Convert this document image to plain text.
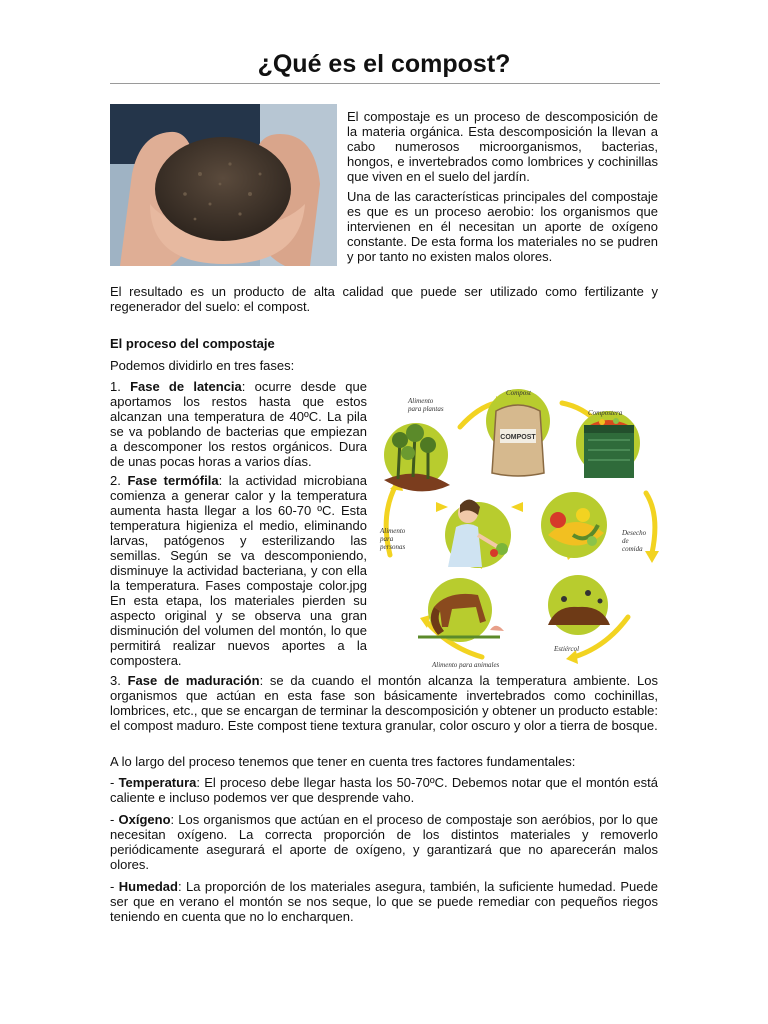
¿Qué es el compost?

El compostaje es un proceso de descomposición de la materia orgánica. Esta descomposición la llevan a cabo numerosos microorganismos, bacterias, hongos, e invertebrados como lombrices y cochinillas que viven en el suelo del jardín.

Una de las características principales del compostaje es que es un proceso aerobio: los organismos que intervienen en él necesitan un aporte de oxígeno constante. De esta forma los materiales no se pudren y por tanto no existen malos olores.

El resultado es un producto de alta calidad que puede ser utilizado como fertilizante y regenerador del suelo: el compost.

El proceso del compostaje

Podemos dividirlo en tres fases:

1. Fase de latencia: ocurre desde que aportamos los restos hasta que estos alcanzan una temperatura de 40ºC. La pila se va poblando de bacterias que empiezan a descomponer los restos orgánicos. Dura de unas pocas horas a varios días.

2. Fase termófila: la actividad microbiana comienza a generar calor y la temperatura aumenta hasta llegar a los 60-70 ºC. Esta temperatura higieniza el medio, eliminando larvas, patógenos y esterilizando las semillas. Según se va descomponiendo, disminuye la actividad bacteriana, y con ella la temperatura. Fases compostaje color.jpg En esta etapa, los materiales pierden su aspecto original y se observa una gran disminución del volumen del montón, lo que permitirá realizar nuevos aportes a la compostera.

3. Fase de maduración: se da cuando el montón alcanza la temperatura ambiente. Los organismos que actúan en esta fase son básicamente invertebrados como cochinillas, lombrices, etc., que se encargan de terminar la descomposición y obtener un producto estable: el compost maduro. Este compost tiene textura granular, color oscuro y olor a tierra de bosque.

A lo largo del proceso tenemos que tener en cuenta tres factores fundamentales:

- Temperatura: El proceso debe llegar hasta los 50-70ºC. Debemos notar que el montón está caliente e incluso podemos ver que desprende vaho.

- Oxígeno: Los organismos que actúan en el proceso de compostaje son aeróbios, por lo que necesitan oxígeno. La correcta proporción de los distintos materiales y removerlo periódicamente asegurará el aporte de oxígeno, y garantizará que no aparecerán malos olores.

- Humedad: La proporción de los materiales asegura, también, la suficiente humedad. Puede ser que en verano el montón se nos seque, lo que se puede remediar con pequeños riegos teniendo en cuenta que no lo encharquen.

COMPOST
Alimento
para plantas
Compost
Compostera
Alimento
para
personas
Desecho
de
comida
Alimento para animales
Estiércol
